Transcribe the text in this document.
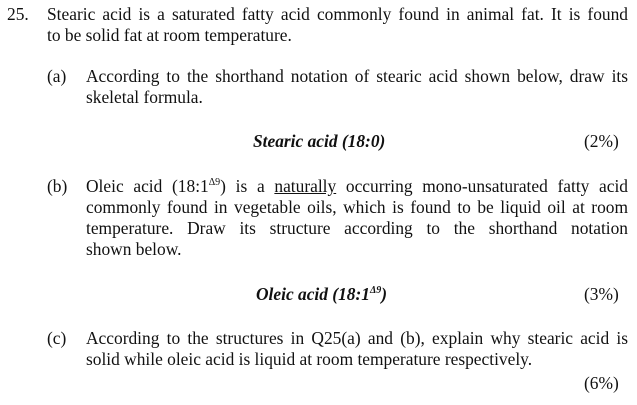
25. Stearic acid is a saturated fatty acid commonly found in animal fat. It is found
to be solid fat at room temperature.
(a) According to the shorthand notation of stearic acid shown below, draw its
skeletal formula.
Stearic acid (18:0)	(2%)
(b) Oleic acid $(18:1^{\Delta 9})$ is a naturally occurring mono-unsaturated fatty acid
commonly found in vegetable oils, which is found to be liquid oil at room
temperature. Draw its structure according to the shorthand notation
shown below.
Oleic acid $(18:1^{\Delta 9})$	(3%)
(c) According to the structures in Q25(a) and (b), explain why stearic acid is
solid while oleic acid is liquid at room temperature respectively.
(6%)
